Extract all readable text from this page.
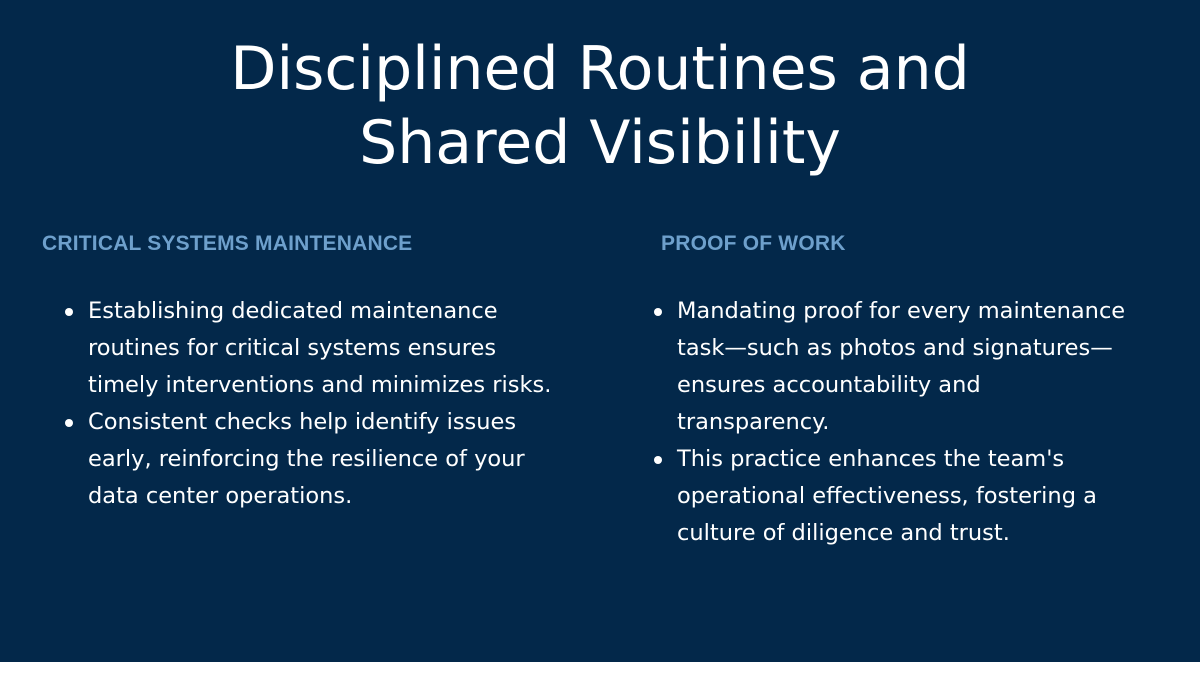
Disciplined Routines and
Shared Visibility
CRITICAL SYSTEMS MAINTENANCE
Establishing dedicated maintenance routines for critical systems ensures timely interventions and minimizes risks.
Consistent checks help identify issues early, reinforcing the resilience of your data center operations.
PROOF OF WORK
Mandating proof for every maintenance task—such as photos and signatures—ensures accountability and transparency.
This practice enhances the team's operational effectiveness, fostering a culture of diligence and trust.
